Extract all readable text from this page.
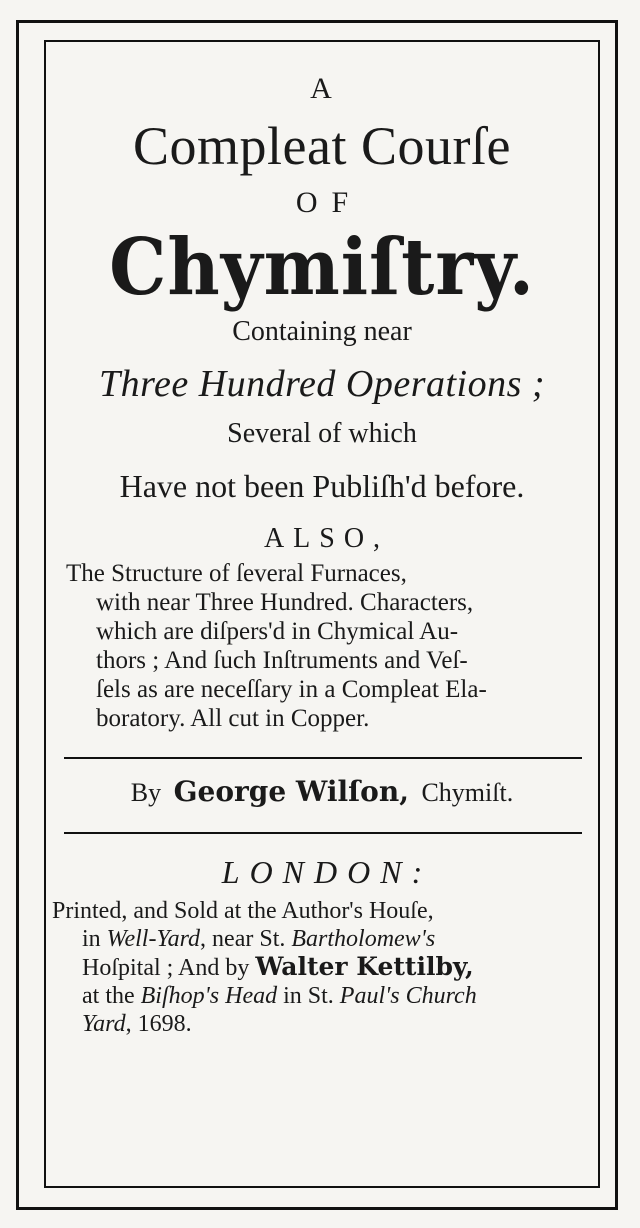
A
Compleat Courſe
OF
Chymiſtry.
Containing near
Three Hundred Operations ;
Several of which
Have not been Publiſh'd before.
ALSO,
The Structure of ſeveral Furnaces,
with near Three Hundred. Characters,
which are diſpers'd in Chymical Au-
thors ; And ſuch Inſtruments and Veſ-
ſels as are neceſſary in a Compleat Ela-
boratory. All cut in Copper.
By George Wilſon, Chymiſt.
LONDON:
Printed, and Sold at the Author's Houſe,
in Well-Yard, near St. Bartholomew's
Hoſpital ; And by Walter Kettilby,
at the Biſhop's Head in St. Paul's Church
Yard, 1698.
